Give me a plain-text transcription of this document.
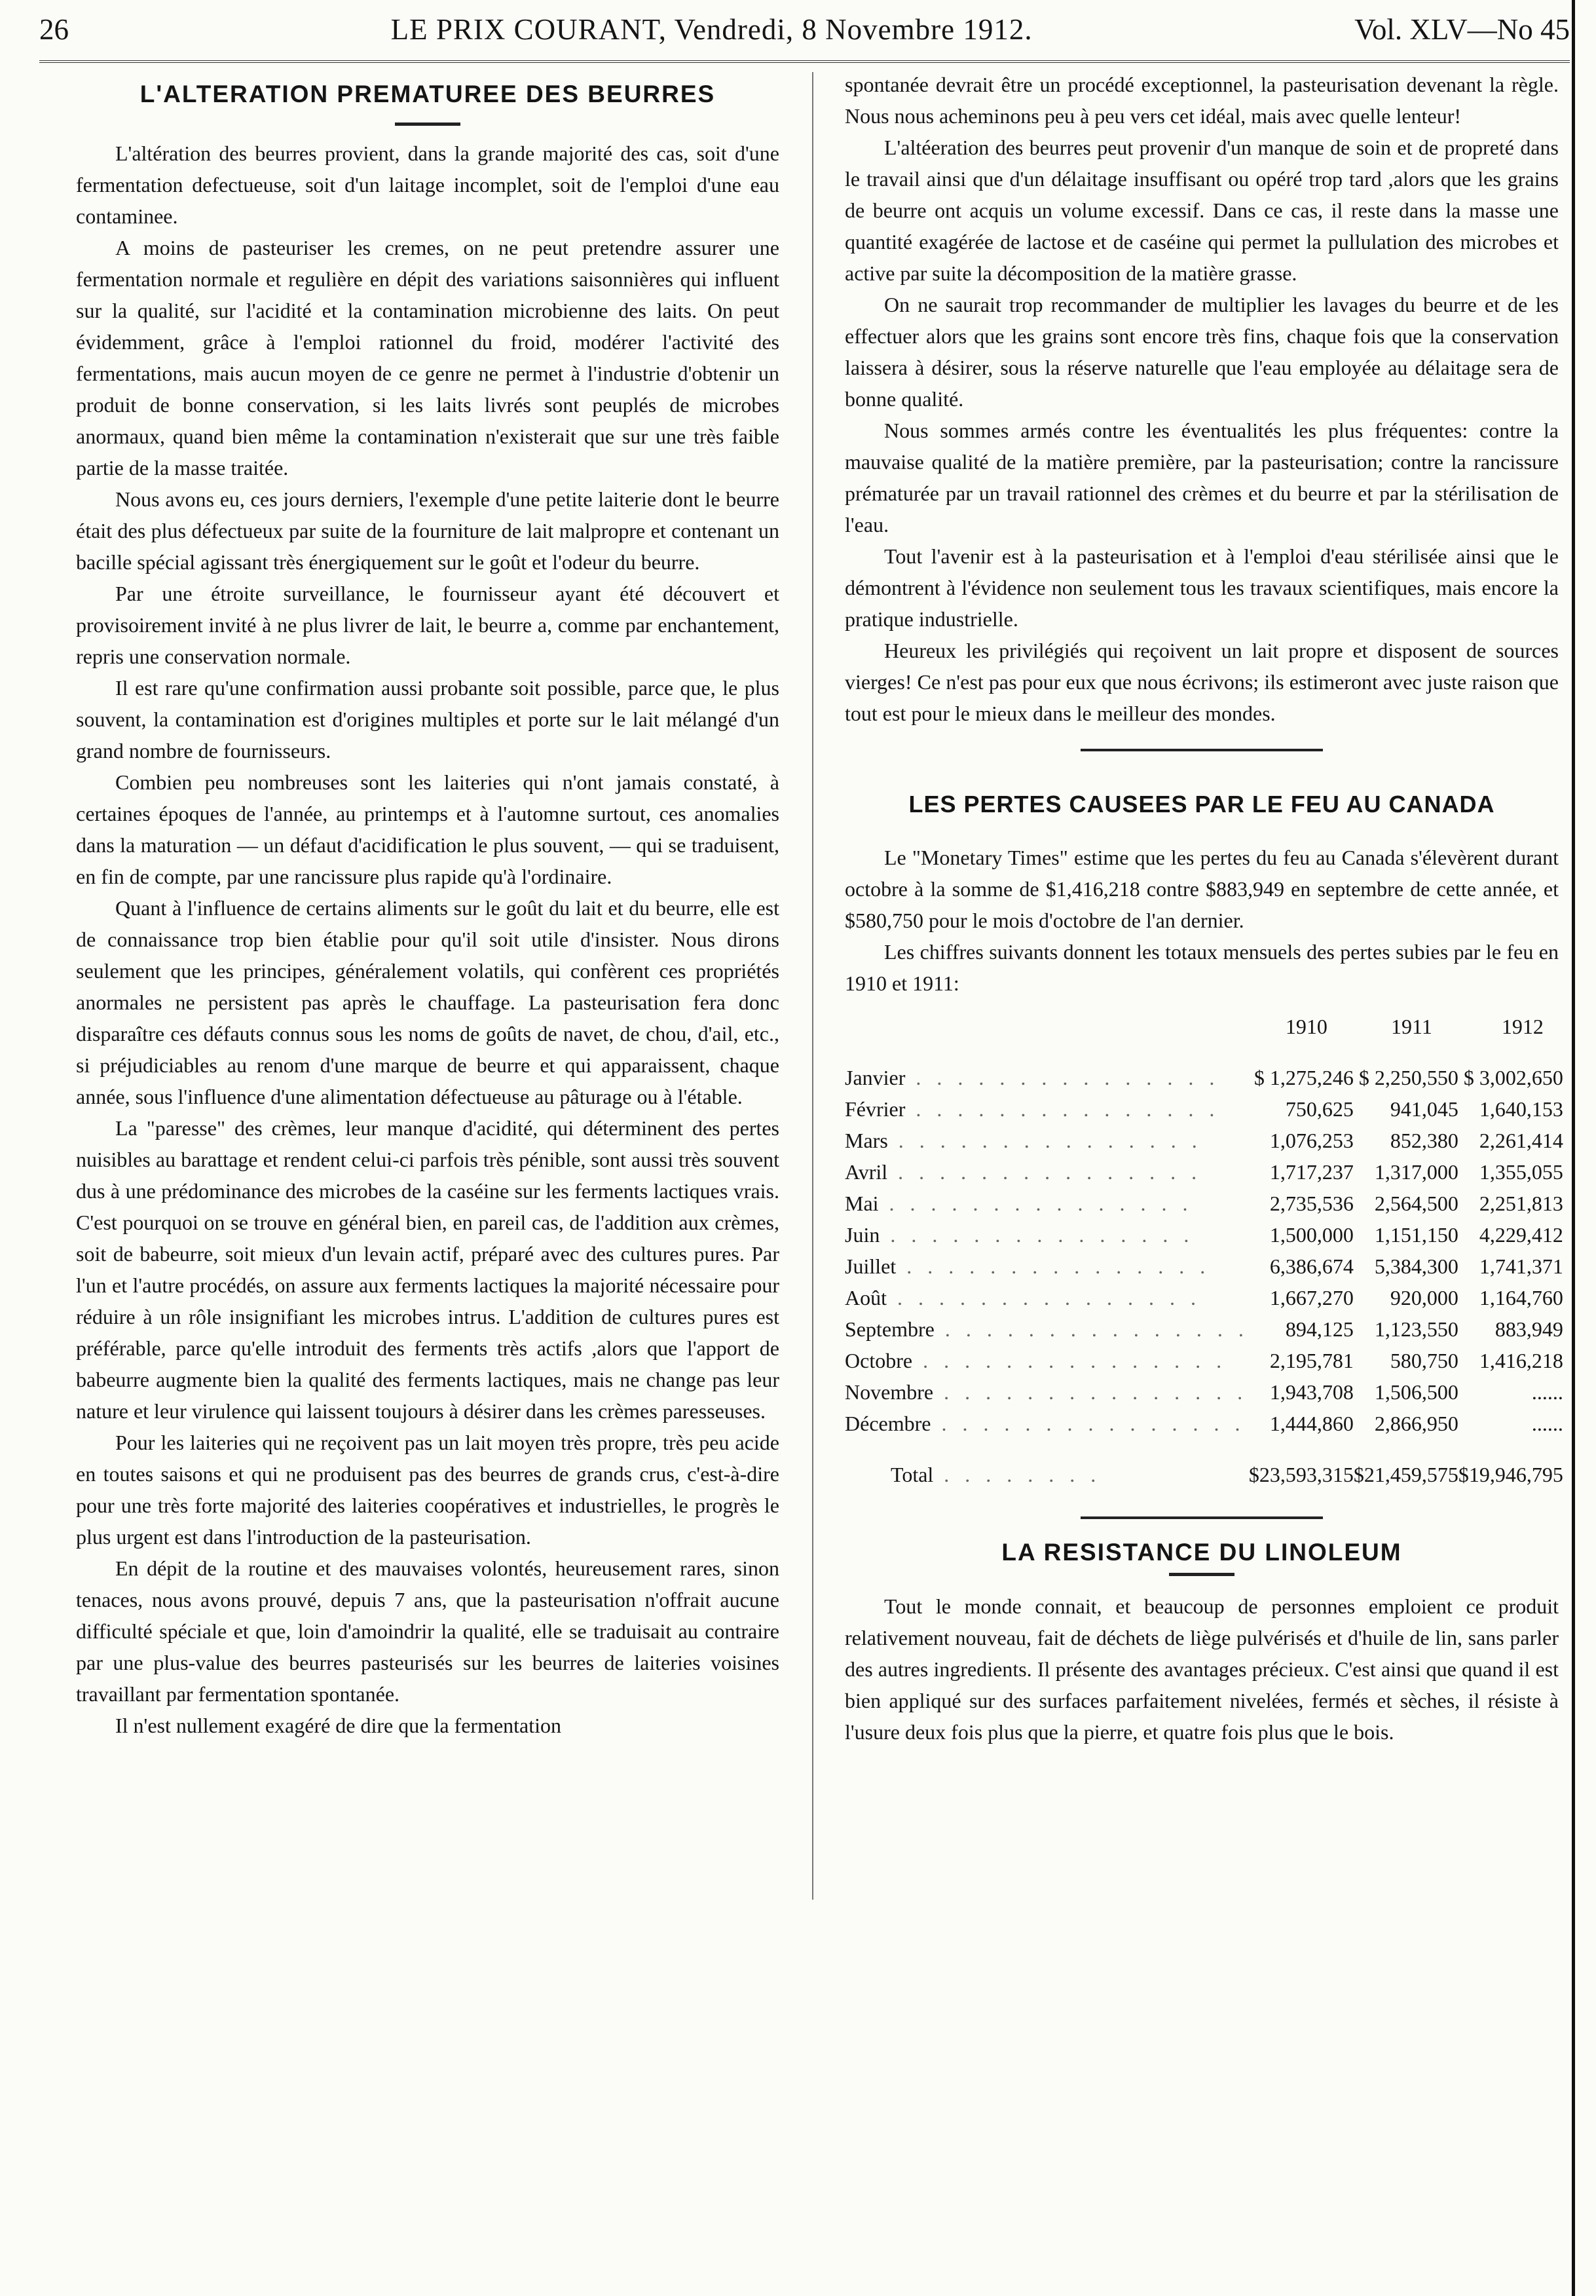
26	LE PRIX COURANT, Vendredi, 8 Novembre 1912.	Vol. XLV—No 45
L'ALTERATION PREMATUREE DES BEURRES

L'altération des beurres provient, dans la grande majorité des cas, soit d'une fermentation defectueuse, soit d'un laitage incomplet, soit de l'emploi d'une eau contaminee.

A moins de pasteuriser les cremes, on ne peut pretendre assurer une fermentation normale et regulière en dépit des variations saisonnières qui influent sur la qualité, sur l'acidité et la contamination microbienne des laits. On peut évidemment, grâce à l'emploi rationnel du froid, modérer l'activité des fermentations, mais aucun moyen de ce genre ne permet à l'industrie d'obtenir un produit de bonne conservation, si les laits livrés sont peuplés de microbes anormaux, quand bien même la contamination n'existerait que sur une très faible partie de la masse traitée.

Nous avons eu, ces jours derniers, l'exemple d'une petite laiterie dont le beurre était des plus défectueux par suite de la fourniture de lait malpropre et contenant un bacille spécial agissant très énergiquement sur le goût et l'odeur du beurre.

Par une étroite surveillance, le fournisseur ayant été découvert et provisoirement invité à ne plus livrer de lait, le beurre a, comme par enchantement, repris une conservation normale.

Il est rare qu'une confirmation aussi probante soit possible, parce que, le plus souvent, la contamination est d'origines multiples et porte sur le lait mélangé d'un grand nombre de fournisseurs.

Combien peu nombreuses sont les laiteries qui n'ont jamais constaté, à certaines époques de l'année, au printemps et à l'automne surtout, ces anomalies dans la maturation — un défaut d'acidification le plus souvent, — qui se traduisent, en fin de compte, par une rancissure plus rapide qu'à l'ordinaire.

Quant à l'influence de certains aliments sur le goût du lait et du beurre, elle est de connaissance trop bien établie pour qu'il soit utile d'insister. Nous dirons seulement que les principes, généralement volatils, qui confèrent ces propriétés anormales ne persistent pas après le chauffage. La pasteurisation fera donc disparaître ces défauts connus sous les noms de goûts de navet, de chou, d'ail, etc., si préjudiciables au renom d'une marque de beurre et qui apparaissent, chaque année, sous l'influence d'une alimentation défectueuse au pâturage ou à l'étable.

La "paresse" des crèmes, leur manque d'acidité, qui déterminent des pertes nuisibles au barattage et rendent celui-ci parfois très pénible, sont aussi très souvent dus à une prédominance des microbes de la caséine sur les ferments lactiques vrais. C'est pourquoi on se trouve en général bien, en pareil cas, de l'addition aux crèmes, soit de babeurre, soit mieux d'un levain actif, préparé avec des cultures pures. Par l'un et l'autre procédés, on assure aux ferments lactiques la majorité nécessaire pour réduire à un rôle insignifiant les microbes intrus. L'addition de cultures pures est préférable, parce qu'elle introduit des ferments très actifs ,alors que l'apport de babeurre augmente bien la qualité des ferments lactiques, mais ne change pas leur nature et leur virulence qui laissent toujours à désirer dans les crèmes paresseuses.

Pour les laiteries qui ne reçoivent pas un lait moyen très propre, très peu acide en toutes saisons et qui ne produisent pas des beurres de grands crus, c'est-à-dire pour une très forte majorité des laiteries coopératives et industrielles, le progrès le plus urgent est dans l'introduction de la pasteurisation.

En dépit de la routine et des mauvaises volontés, heureusement rares, sinon tenaces, nous avons prouvé, depuis 7 ans, que la pasteurisation n'offrait aucune difficulté spéciale et que, loin d'amoindrir la qualité, elle se traduisait au contraire par une plus-value des beurres pasteurisés sur les beurres de laiteries voisines travaillant par fermentation spontanée.

Il n'est nullement exagéré de dire que la fermentation

spontanée devrait être un procédé exceptionnel, la pasteurisation devenant la règle. Nous nous acheminons peu à peu vers cet idéal, mais avec quelle lenteur!

L'altéeration des beurres peut provenir d'un manque de soin et de propreté dans le travail ainsi que d'un délaitage insuffisant ou opéré trop tard ,alors que les grains de beurre ont acquis un volume excessif. Dans ce cas, il reste dans la masse une quantité exagérée de lactose et de caséine qui permet la pullulation des microbes et active par suite la décomposition de la matière grasse.

On ne saurait trop recommander de multiplier les lavages du beurre et de les effectuer alors que les grains sont encore très fins, chaque fois que la conservation laissera à désirer, sous la réserve naturelle que l'eau employée au délaitage sera de bonne qualité.

Nous sommes armés contre les éventualités les plus fréquentes: contre la mauvaise qualité de la matière première, par la pasteurisation; contre la rancissure prématurée par un travail rationnel des crèmes et du beurre et par la stérilisation de l'eau.

Tout l'avenir est à la pasteurisation et à l'emploi d'eau stérilisée ainsi que le démontrent à l'évidence non seulement tous les travaux scientifiques, mais encore la pratique industrielle.

Heureux les privilégiés qui reçoivent un lait propre et disposent de sources vierges! Ce n'est pas pour eux que nous écrivons; ils estimeront avec juste raison que tout est pour le mieux dans le meilleur des mondes.

LES PERTES CAUSEES PAR LE FEU AU CANADA

Le "Monetary Times" estime que les pertes du feu au Canada s'élevèrent durant octobre à la somme de $1,416,218 contre $883,949 en septembre de cette année, et $580,750 pour le mois d'octobre de l'an dernier.

Les chiffres suivants donnent les totaux mensuels des pertes subies par le feu en 1910 et 1911:

	1910	1911	1912
Janvier . . . . . . . . . . . . . . .	$ 1,275,246	$ 2,250,550	$ 3,002,650
Février . . . . . . . . . . . . . . .	750,625	941,045	1,640,153
Mars . . . . . . . . . . . . . . .	1,076,253	852,380	2,261,414
Avril . . . . . . . . . . . . . . .	1,717,237	1,317,000	1,355,055
Mai . . . . . . . . . . . . . . .	2,735,536	2,564,500	2,251,813
Juin . . . . . . . . . . . . . . .	1,500,000	1,151,150	4,229,412
Juillet . . . . . . . . . . . . . . .	6,386,674	5,384,300	1,741,371
Août . . . . . . . . . . . . . . .	1,667,270	920,000	1,164,760
Septembre . . . . . . . . . . . . . . .	894,125	1,123,550	883,949
Octobre . . . . . . . . . . . . . . .	2,195,781	580,750	1,416,218
Novembre . . . . . . . . . . . . . . .	1,943,708	1,506,500	......
Décembre . . . . . . . . . . . . . . .	1,444,860	2,866,950	......
Total . . . . . . . .	$23,593,315	$21,459,575	$19,946,795
LA RESISTANCE DU LINOLEUM

Tout le monde connait, et beaucoup de personnes emploient ce produit relativement nouveau, fait de déchets de liège pulvérisés et d'huile de lin, sans parler des autres ingredients. Il présente des avantages précieux. C'est ainsi que quand il est bien appliqué sur des surfaces parfaitement nivelées, fermés et sèches, il résiste à l'usure deux fois plus que la pierre, et quatre fois plus que le bois.
